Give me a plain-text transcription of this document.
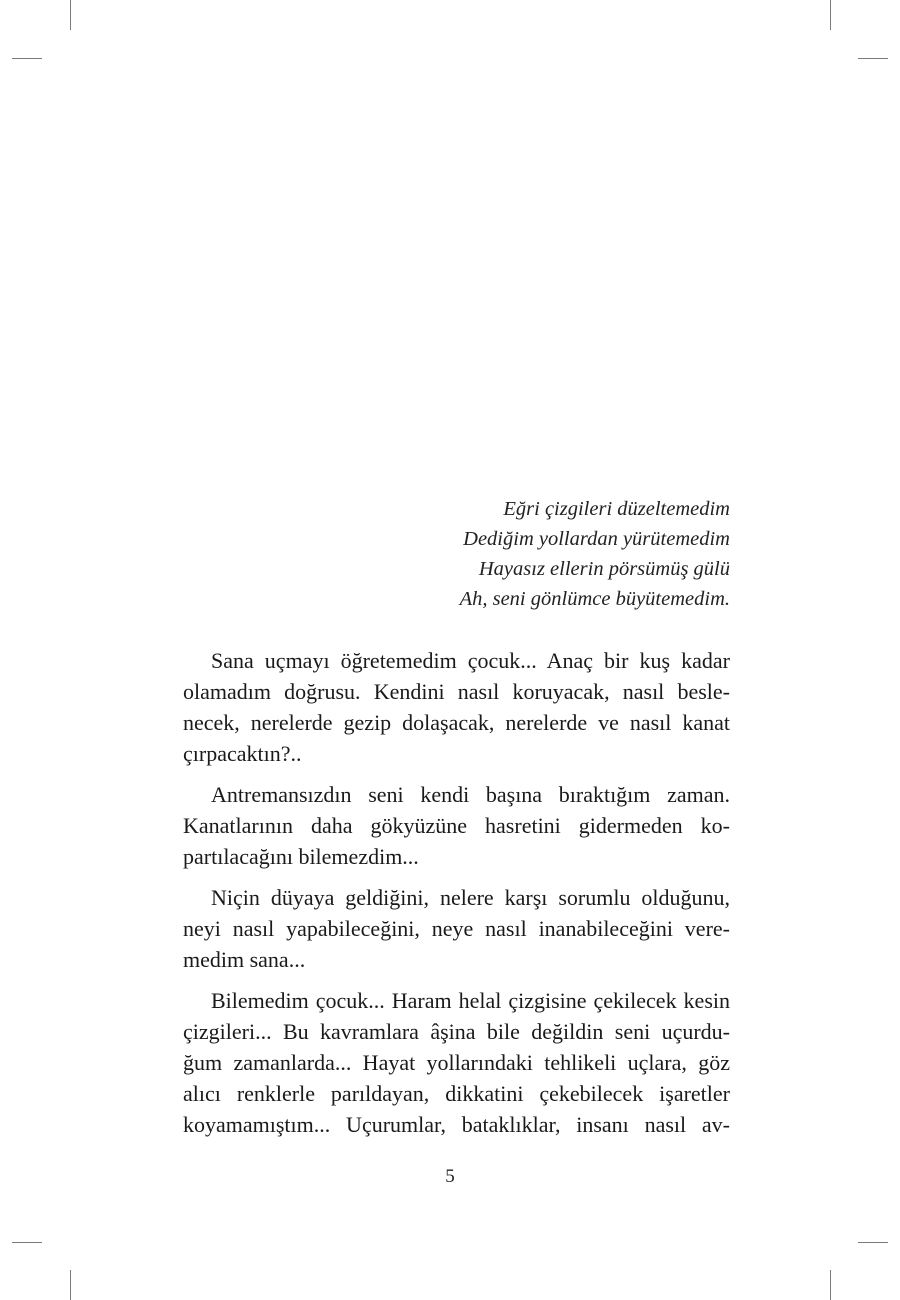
Eğri çizgileri düzeltemedim
Dediğim yollardan yürütemedim
Hayasız ellerin pörsümüş gülü
Ah, seni gönlümce büyütemedim.
Sana uçmayı öğretemedim çocuk... Anaç bir kuş kadar
olamadım doğrusu. Kendini nasıl koruyacak, nasıl besle-
necek, nerelerde gezip dolaşacak, nerelerde ve nasıl kanat
çırpacaktın?..
Antremansızdın seni kendi başına bıraktığım zaman.
Kanatlarının daha gökyüzüne hasretini gidermeden ko-
partılacağını bilemezdim...
Niçin düyaya geldiğini, nelere karşı sorumlu olduğunu,
neyi nasıl yapabileceğini, neye nasıl inanabileceğini vere-
medim sana...
Bilemedim çocuk... Haram helal çizgisine çekilecek kesin
çizgileri... Bu kavramlara âşina bile değildin seni uçurdu-
ğum zamanlarda... Hayat yollarındaki tehlikeli uçlara, göz
alıcı renklerle parıldayan, dikkatini çekebilecek işaretler
koyamamıştım... Uçurumlar, bataklıklar, insanı nasıl av-
5
